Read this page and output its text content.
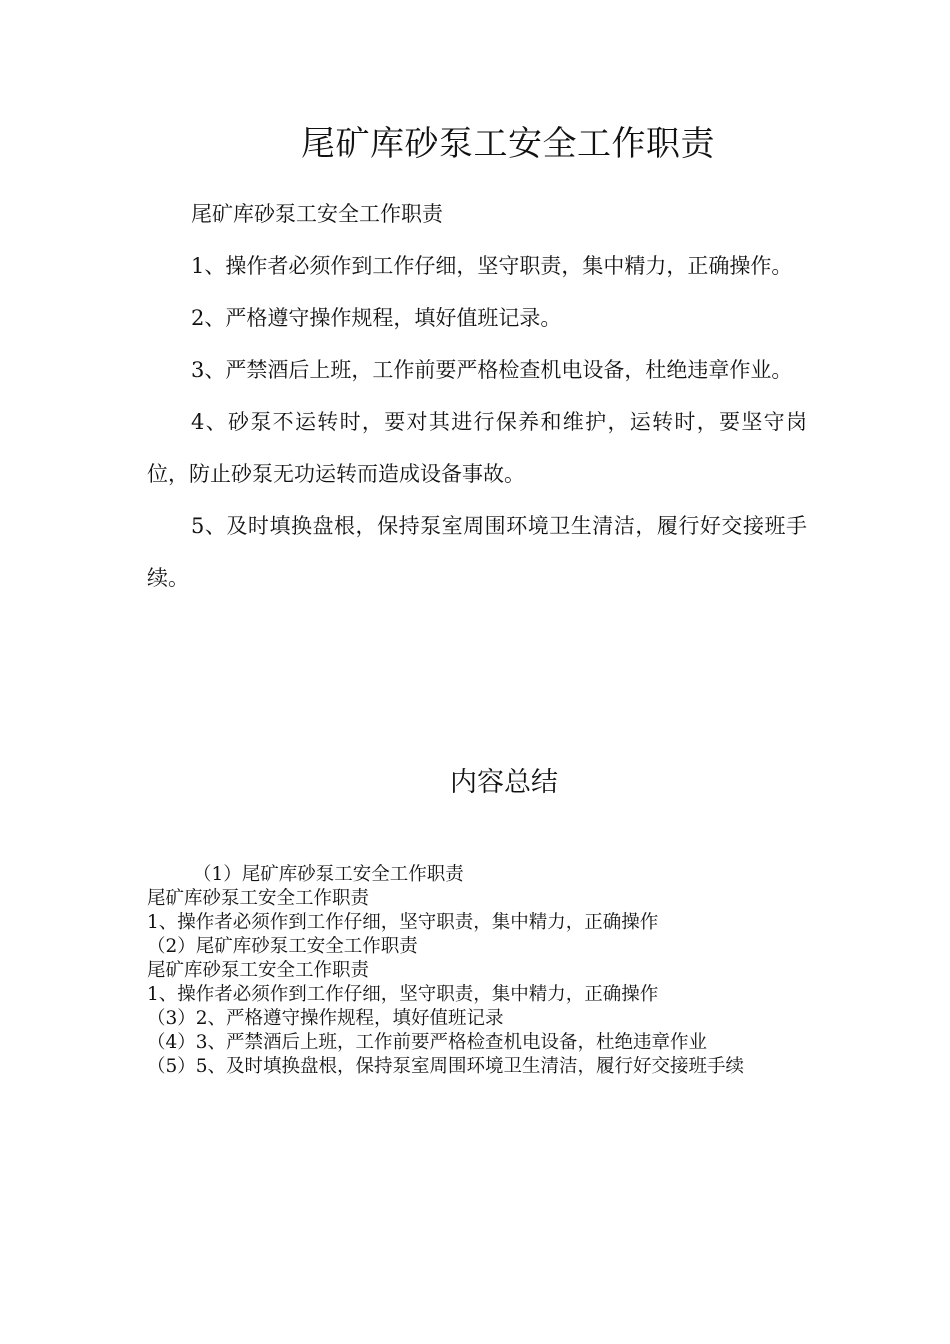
尾矿库砂泵工安全工作职责

尾矿库砂泵工安全工作职责

1、操作者必须作到工作仔细，坚守职责，集中精力，正确操作。

2、严格遵守操作规程，填好值班记录。

3、严禁酒后上班，工作前要严格检查机电设备，杜绝违章作业。

4、砂泵不运转时，要对其进行保养和维护，运转时，要坚守岗位，防止砂泵无功运转而造成设备事故。

5、及时填换盘根，保持泵室周围环境卫生清洁，履行好交接班手续。

内容总结

（1）尾矿库砂泵工安全工作职责

尾矿库砂泵工安全工作职责

1、操作者必须作到工作仔细，坚守职责，集中精力，正确操作

（2）尾矿库砂泵工安全工作职责

尾矿库砂泵工安全工作职责

1、操作者必须作到工作仔细，坚守职责，集中精力，正确操作

（3）2、严格遵守操作规程，填好值班记录

（4）3、严禁酒后上班，工作前要严格检查机电设备，杜绝违章作业

（5）5、及时填换盘根，保持泵室周围环境卫生清洁，履行好交接班手续
